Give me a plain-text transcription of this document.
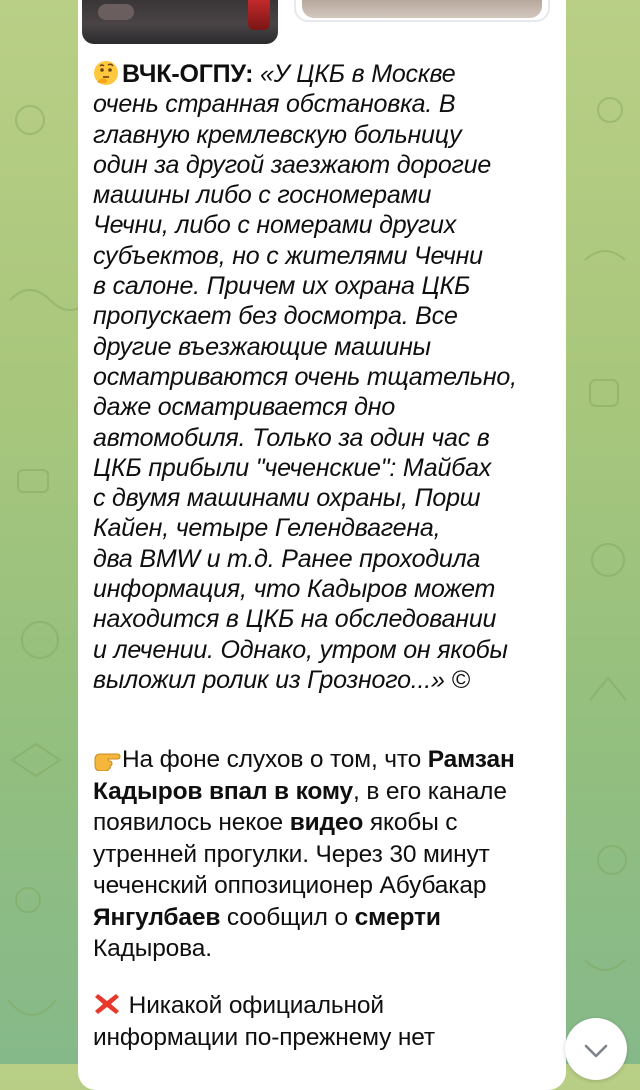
ВЧК-ОГПУ: «У ЦКБ в Москве
очень странная обстановка. В
главную кремлевскую больницу
один за другой заезжают дорогие
машины либо с госномерами
Чечни, либо с номерами других
субъектов, но с жителями Чечни
в салоне. Причем их охрана ЦКБ
пропускает без досмотра. Все
другие въезжающие машины
осматриваются очень тщательно,
даже осматривается дно
автомобиля. Только за один час в
ЦКБ прибыли "чеченские": Майбах
с двумя машинами охраны, Порш
Кайен, четыре Гелендвагена,
два BMW и т.д. Ранее проходила
информация, что Кадыров может
находится в ЦКБ на обследовании
и лечении. Однако, утром он якобы
выложил ролик из Грозного...» ©
На фоне слухов о том, что Рамзан
Кадыров впал в кому, в его канале
появилось некое видео якобы с
утренней прогулки. Через 30 минут
чеченский оппозиционер Абубакар
Янгулбаев сообщил о смерти
Кадырова.
Никакой официальной
информации по-прежнему нет
